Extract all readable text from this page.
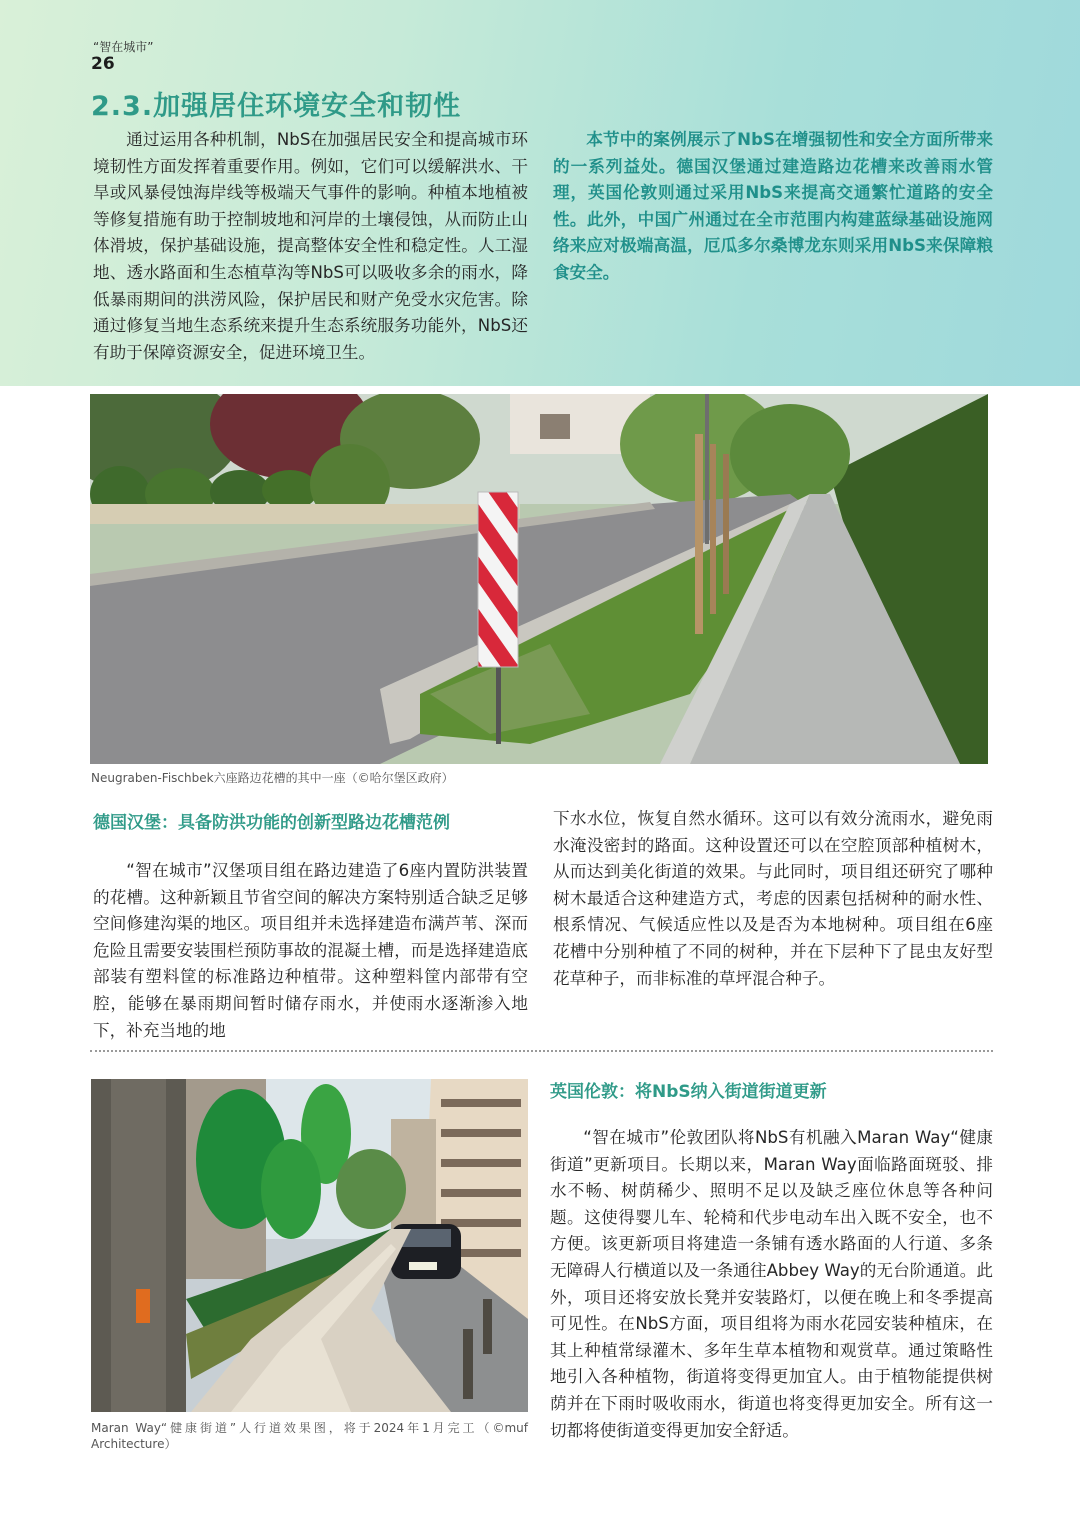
“智在城市”
26
2.3.加强居住环境安全和韧性

通过运用各种机制，NbS在加强居民安全和提高城市环境韧性方面发挥着重要作用。例如，它们可以缓解洪水、干旱或风暴侵蚀海岸线等极端天气事件的影响。种植本地植被等修复措施有助于控制坡地和河岸的土壤侵蚀，从而防止山体滑坡，保护基础设施，提高整体安全性和稳定性。人工湿地、透水路面和生态植草沟等NbS可以吸收多余的雨水，降低暴雨期间的洪涝风险，保护居民和财产免受水灾危害。除通过修复当地生态系统来提升生态系统服务功能外，NbS还有助于保障资源安全，促进环境卫生。

本节中的案例展示了NbS在增强韧性和安全方面所带来的一系列益处。德国汉堡通过建造路边花槽来改善雨水管理，英国伦敦则通过采用NbS来提高交通繁忙道路的安全性。此外，中国广州通过在全市范围内构建蓝绿基础设施网络来应对极端高温，厄瓜多尔桑博龙东则采用NbS来保障粮食安全。

Neugraben-Fischbek六座路边花槽的其中一座（©哈尔堡区政府）

德国汉堡：具备防洪功能的创新型路边花槽范例

“智在城市”汉堡项目组在路边建造了6座内置防洪装置的花槽。这种新颖且节省空间的解决方案特别适合缺乏足够空间修建沟渠的地区。项目组并未选择建造布满芦苇、深而危险且需要安装围栏预防事故的混凝土槽，而是选择建造底部装有塑料筐的标准路边种植带。这种塑料筐内部带有空腔，能够在暴雨期间暂时储存雨水，并使雨水逐渐渗入地下，补充当地的地

下水水位，恢复自然水循环。这可以有效分流雨水，避免雨水淹没密封的路面。这种设置还可以在空腔顶部种植树木，从而达到美化街道的效果。与此同时，项目组还研究了哪种树木最适合这种建造方式，考虑的因素包括树种的耐水性、根系情况、气候适应性以及是否为本地树种。项目组在6座花槽中分别种植了不同的树种，并在下层种下了昆虫友好型花草种子，而非标准的草坪混合种子。

Maran Way“健康街道”人行道效果图，将于2024年1月完工（©muf Architecture）

英国伦敦：将NbS纳入街道街道更新

“智在城市”伦敦团队将NbS有机融入Maran Way“健康街道”更新项目。长期以来，Maran Way面临路面斑驳、排水不畅、树荫稀少、照明不足以及缺乏座位休息等各种问题。这使得婴儿车、轮椅和代步电动车出入既不安全，也不方便。该更新项目将建造一条铺有透水路面的人行道、多条无障碍人行横道以及一条通往Abbey Way的无台阶通道。此外，项目还将安放长凳并安装路灯，以便在晚上和冬季提高可见性。在NbS方面，项目组将为雨水花园安装种植床，在其上种植常绿灌木、多年生草本植物和观赏草。通过策略性地引入各种植物，街道将变得更加宜人。由于植物能提供树荫并在下雨时吸收雨水，街道也将变得更加安全。所有这一切都将使街道变得更加安全舒适。
